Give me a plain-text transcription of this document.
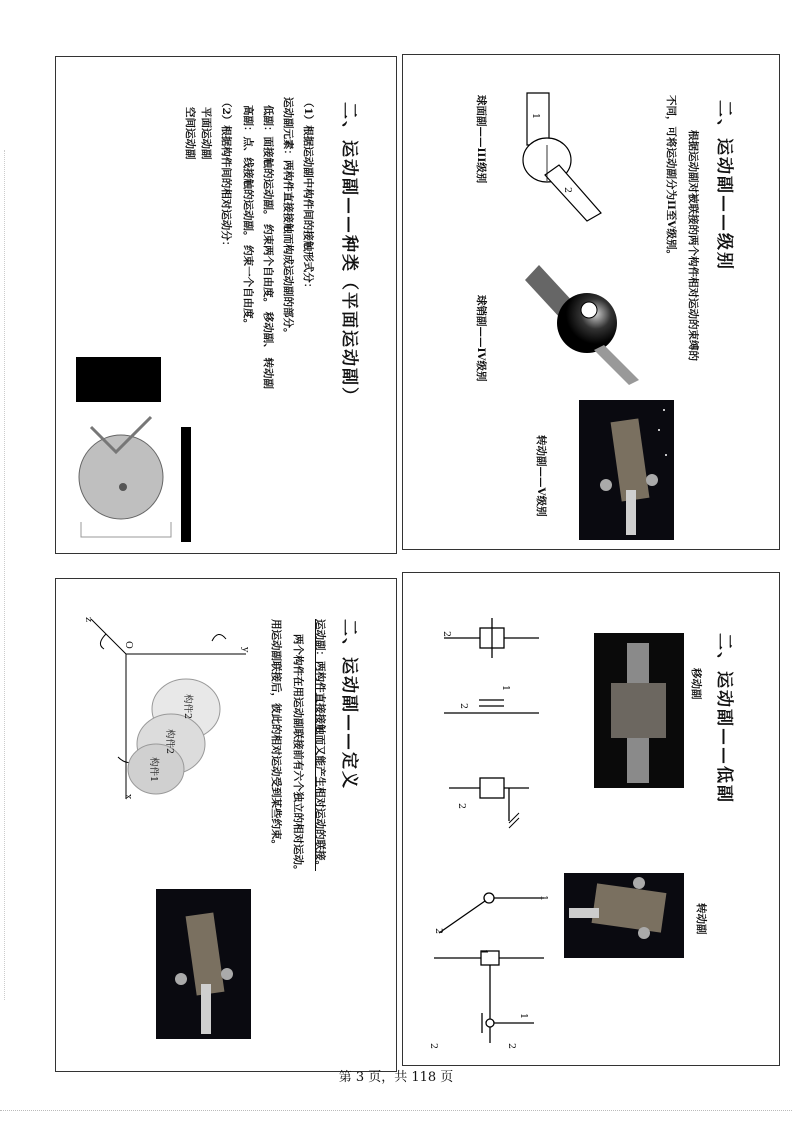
二、运动副——级别
根据运动副对被联接的两个构件相对运动的束缚的
不同，可将运动副分为II至V级别。
1
2
球面副——III级别
球销副——IV级别
转动副——V级别
二、运动副——低副
移动副
转动副
2
1
2
2
1
2
1
2
1
2
二、运动副——定义
运动副：两构件直接接触而又能产生相对运动的联接。
两个构件在用运动副联接前有六个独立的相对运动。
用运动副联接后，彼此的相对运动受到某些约束。
y
x
z
O
构件2
构件2
构件1
二、运动副——种类（平面运动副）
（1）根据运动副中构件间的接触形式分：
运动副元素：两构件直接接触而构成运动副的部分。
低副：面接触的运动副。 约束两个自由度。 移动副、 转动副
高副：点、线接触的运动副。 约束一个自由度。
（2）根据构件间的相对运动分：
平面运动副
空间运动副
第 3 页，共 118 页
